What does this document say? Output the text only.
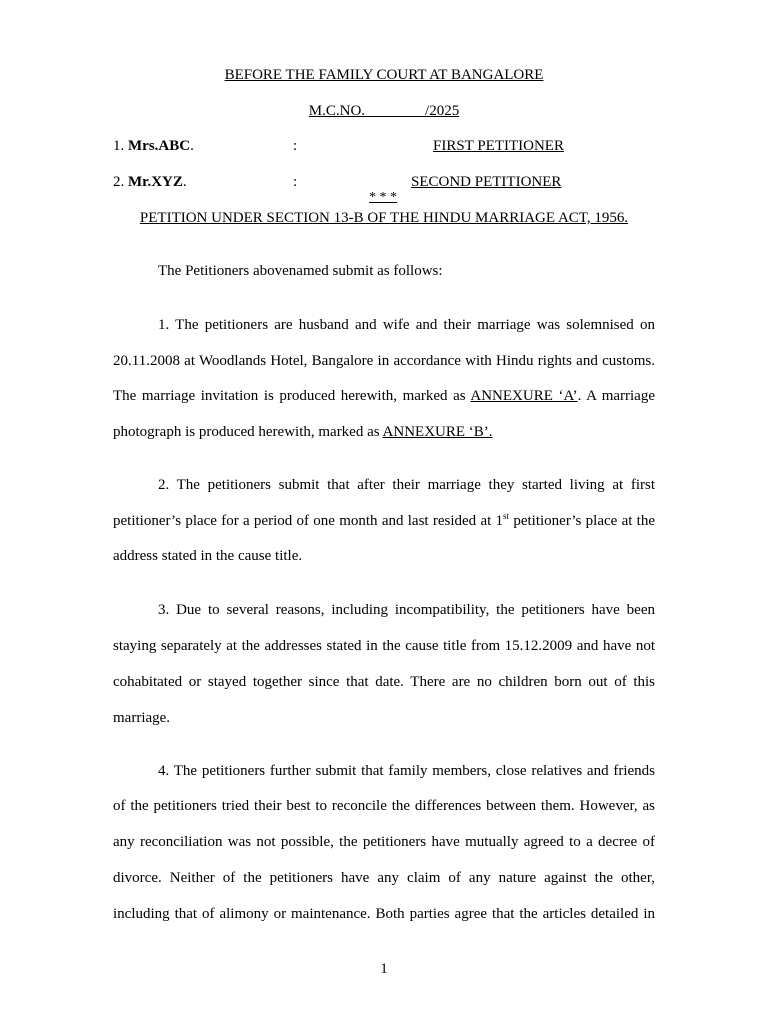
BEFORE THE FAMILY COURT AT BANGALORE
M.C.NO.                /2025
1. Mrs.ABC.	:	FIRST PETITIONER
2. Mr.XYZ.	:	SECOND PETITIONER
* * *
PETITION UNDER SECTION 13-B OF THE HINDU MARRIAGE ACT, 1956.
The Petitioners abovenamed submit as follows:
1. The petitioners are husband and wife and their marriage was solemnised on
20.11.2008 at Woodlands Hotel, Bangalore in accordance with Hindu rights and customs.
The marriage invitation is produced herewith, marked as ANNEXURE ‘A’. A marriage
photograph is produced herewith, marked as ANNEXURE ‘B’.
2. The petitioners submit that after their marriage they started living at first
petitioner’s place for a period of one month and last resided at 1st petitioner’s place at the
address stated in the cause title.
3. Due to several reasons, including incompatibility, the petitioners have been
staying separately at the addresses stated in the cause title from 15.12.2009 and have not
cohabitated or stayed together since that date. There are no children born out of this
marriage.
4. The petitioners further submit that family members, close relatives and friends
of the petitioners tried their best to reconcile the differences between them. However, as
any reconciliation was not possible, the petitioners have mutually agreed to a decree of
divorce. Neither of the petitioners have any claim of any nature against the other,
including that of alimony or maintenance. Both parties agree that the articles detailed in
1
